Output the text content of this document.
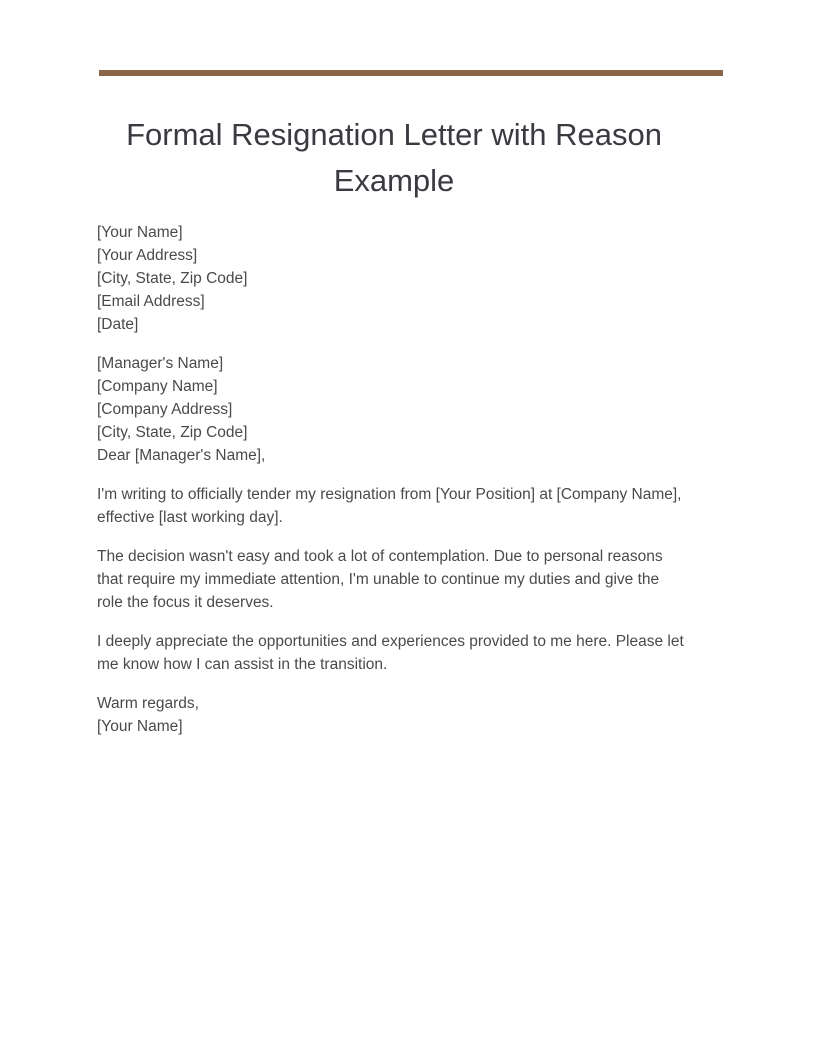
Formal Resignation Letter with Reason Example
[Your Name]
[Your Address]
[City, State, Zip Code]
[Email Address]
[Date]
[Manager's Name]
[Company Name]
[Company Address]
[City, State, Zip Code]
Dear [Manager's Name],

I'm writing to officially tender my resignation from [Your Position] at [Company Name], effective [last working day].

The decision wasn't easy and took a lot of contemplation. Due to personal reasons that require my immediate attention, I'm unable to continue my duties and give the role the focus it deserves.

I deeply appreciate the opportunities and experiences provided to me here. Please let me know how I can assist in the transition.

Warm regards,
[Your Name]
